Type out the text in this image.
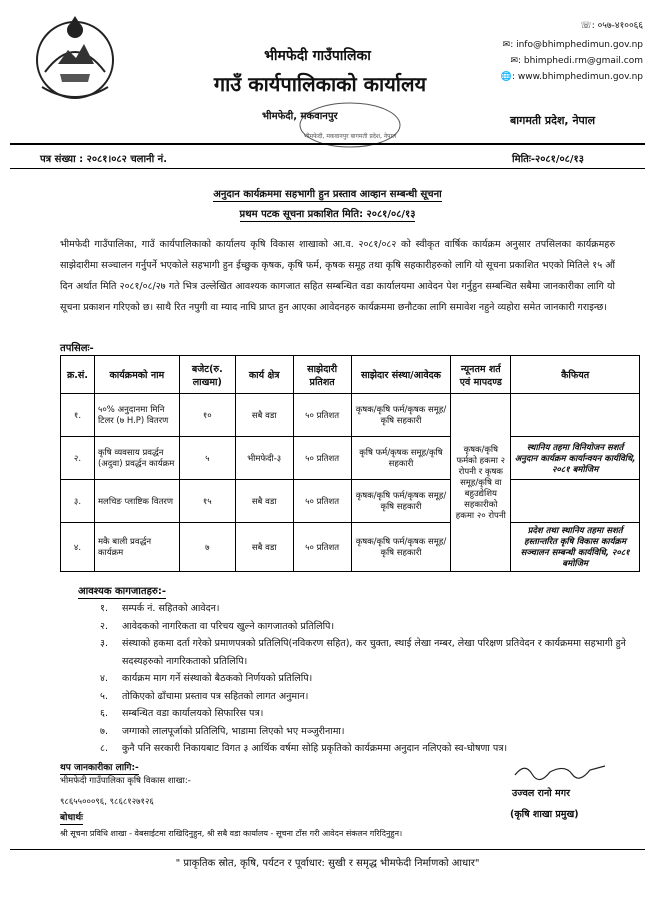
भीमफेदी गाउँपालिका
गाउँ कार्यपालिकाको कार्यालय
भीमफेदी, मकवानपुर बागमती प्रदेश, नेपाल
भीमफेदी, मकवानपुर
☏: ०५७-४१००६६
✉: info@bhimphedimun.gov.np
✉: bhimphedi.rm@gmail.com
🌐: www.bhimphedimun.gov.np
बागमती प्रदेश, नेपाल
पत्र संख्या : २०८१।०८२ चलानी नं.	मितिः-२०८१/०८/१३
अनुदान कार्यक्रममा सहभागी हुन प्रस्ताव आव्हान सम्बन्धी सूचना
प्रथम पटक सूचना प्रकाशित मिति: २०८१/०८/१३
भीमफेदी गाउँपालिका, गाउँ कार्यपालिकाको कार्यालय कृषि विकास शाखाको आ.व. २०८१/०८२ को स्वीकृत वार्षिक कार्यक्रम अनुसार तपसिलका कार्यक्रमहरु साझेदारीमा सञ्चालन गर्नुपर्ने भएकोले सहभागी हुन ईच्छुक कृषक, कृषि फर्म, कृषक समूह तथा कृषि सहकारीहरुको लागि यो सूचना प्रकाशित भएको मितिले १५ औं दिन अर्थात मिति २०८१/०८/२७ गते भित्र उल्लेखित आवश्यक कागजात सहित सम्बन्धित वडा कार्यालयमा आवेदन पेश गर्नुहुन सम्बन्धित सबैमा जानकारीका लागि यो सूचना प्रकाशन गरिएको छ। साथै रित नपुगी वा म्याद नाघि प्राप्त हुन आएका आवेदनहरु कार्यक्रममा छनौटका लागि समावेश नहुने व्यहोरा समेत जानकारी गराइन्छ।
तपसिलः-
क्र.सं.	कार्यक्रमको नाम	बजेट(रु. लाखमा)	कार्य क्षेत्र	साझेदारी प्रतिशत	साझेदार संस्था/आवेदक	न्यूनतम शर्त एवं मापदण्ड	कैफियत
१.	५०% अनुदानमा मिनि टिलर (७ H.P) वितरण	१०	सबै वडा	५० प्रतिशत	कृषक/कृषि फर्म/कृषक समूह/कृषि सहकारी	कृषक/कृषि फर्मको हकमा २ रोपनी र कृषक समूह/कृषि वा बहुउद्येशिय सहकारीको हकमा २० रोपनी	
२.	कृषि व्यवसाय प्रवर्द्धन (अदुवा) प्रवर्द्धन कार्यक्रम	५	भीमफेदी-३	५० प्रतिशत	कृषि फर्म/कृषक समूह/कृषि सहकारी		स्थानिय तहमा विनियोजन सशर्त अनुदान कार्यक्रम कार्यान्वयन कार्यविधि, २०८१ बमोजिम
३.	मलचिङ प्लाष्टिक वितरण	१५	सबै वडा	५० प्रतिशत	कृषक/कृषि फर्म/कृषक समूह/कृषि सहकारी		
४.	मकै बाली प्रवर्द्धन कार्यक्रम	७	सबै वडा	५० प्रतिशत	कृषक/कृषि फर्म/कृषक समूह/कृषि सहकारी		प्रदेश तथा स्थानिय तहमा सशर्त हस्तान्तरित कृषि विकास कार्यक्रम सञ्चालन सम्बन्धी कार्यविधि, २०८१ बमोजिम
आवश्यक कागजातहरु:-
१. सम्पर्क नं. सहितको आवेदन।
२. आवेदकको नागरिकता वा परिचय खुल्ने कागजातको प्रतिलिपि।
३. संस्थाको हकमा दर्ता गरेको प्रमाणपत्रको प्रतिलिपि(नविकरण सहित), कर चुक्ता, स्थाई लेखा नम्बर, लेखा परिक्षण प्रतिवेदन र कार्यक्रममा सहभागी हुने सदस्यहरुको नागरिकताको प्रतिलिपि।
४. कार्यक्रम माग गर्ने संस्थाको बैठकको निर्णयको प्रतिलिपि।
५. तोकिएको ढाँचामा प्रस्ताव पत्र सहितको लागत अनुमान।
६. सम्बन्धित वडा कार्यालयको सिफारिस पत्र।
७. जग्गाको लालपूर्जाको प्रतिलिपि, भाडामा लिएको भए मञ्जुरीनामा।
८. कुनै पनि सरकारी निकायबाट विगत ३ आर्थिक वर्षमा सोहि प्रकृतिको कार्यक्रममा अनुदान नलिएको स्व-घोषणा पत्र।
थप जानकारीका लागि:-
भीमफेदी गाउँपालिका कृषि विकास शाखा:-
९८६५५०००९६, ९८६८१२७१२६
बोधार्थः
श्री सूचना प्रविधि शाखा - वेबसाईटमा राखिदिनुहुन, श्री सबै वडा कार्यालय - सूचना टाँस गरी आवेदन संकलन गरिदिनुहुन।
उज्वल रानो मगर
(कृषि शाखा प्रमुख)
" प्राकृतिक स्रोत, कृषि, पर्यटन र पूर्वाधार: सुखी र समृद्ध भीमफेदी निर्माणको आधार"
